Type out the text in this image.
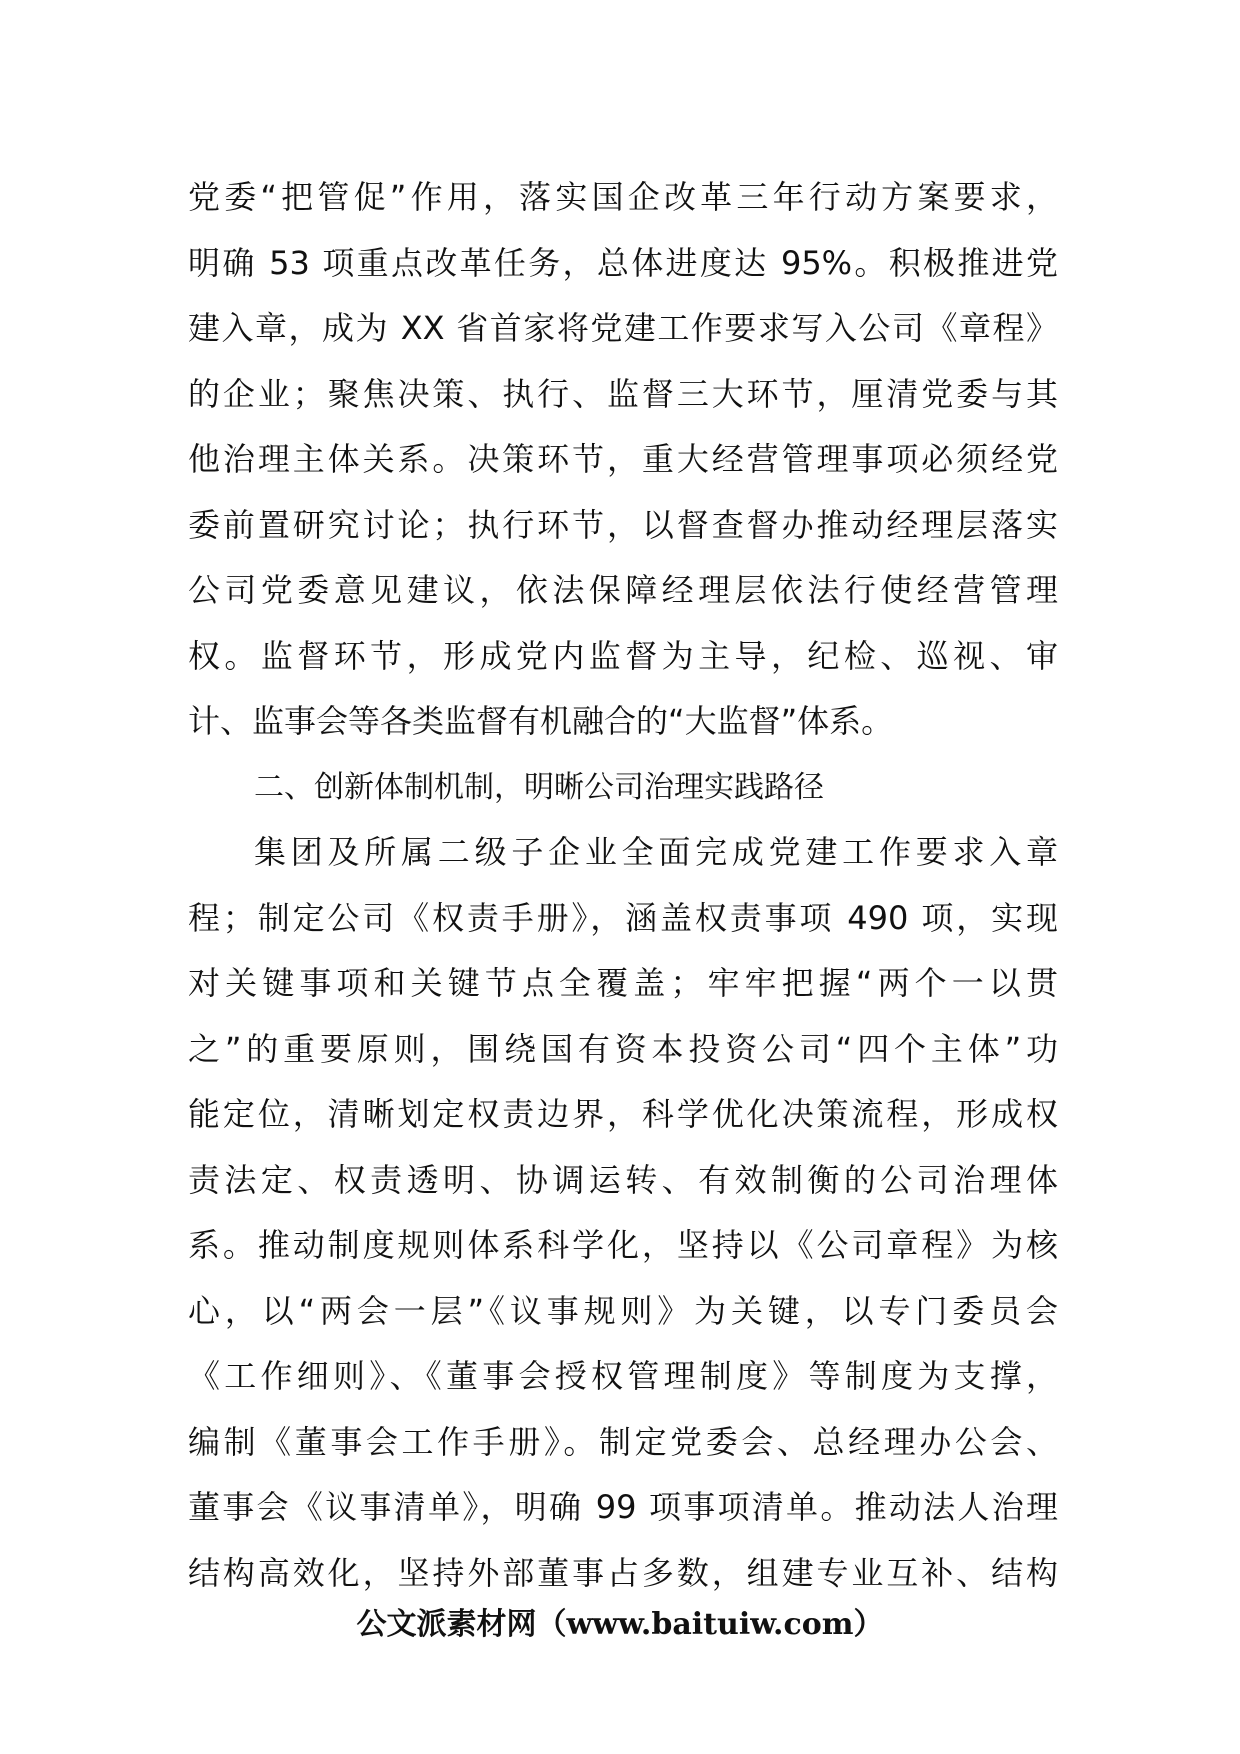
党委“把管促”作用，落实国企改革三年行动方案要求，
明确 53 项重点改革任务，总体进度达 95%。积极推进党
建入章，成为 XX 省首家将党建工作要求写入公司《章程》
的企业；聚焦决策、执行、监督三大环节，厘清党委与其
他治理主体关系。决策环节，重大经营管理事项必须经党
委前置研究讨论；执行环节，以督查督办推动经理层落实
公司党委意见建议，依法保障经理层依法行使经营管理
权。监督环节，形成党内监督为主导，纪检、巡视、审
计、监事会等各类监督有机融合的“大监督”体系。
二、创新体制机制，明晰公司治理实践路径
集团及所属二级子企业全面完成党建工作要求入章
程；制定公司《权责手册》，涵盖权责事项 490 项，实现
对关键事项和关键节点全覆盖；牢牢把握“两个一以贯
之”的重要原则，围绕国有资本投资公司“四个主体”功
能定位，清晰划定权责边界，科学优化决策流程，形成权
责法定、权责透明、协调运转、有效制衡的公司治理体
系。推动制度规则体系科学化，坚持以《公司章程》为核
心，以“两会一层”《议事规则》为关键，以专门委员会
《工作细则》、《董事会授权管理制度》等制度为支撑，
编制《董事会工作手册》。制定党委会、总经理办公会、
董事会《议事清单》，明确 99 项事项清单。推动法人治理
结构高效化，坚持外部董事占多数，组建专业互补、结构
公文派素材网（www.baituiw.com）
